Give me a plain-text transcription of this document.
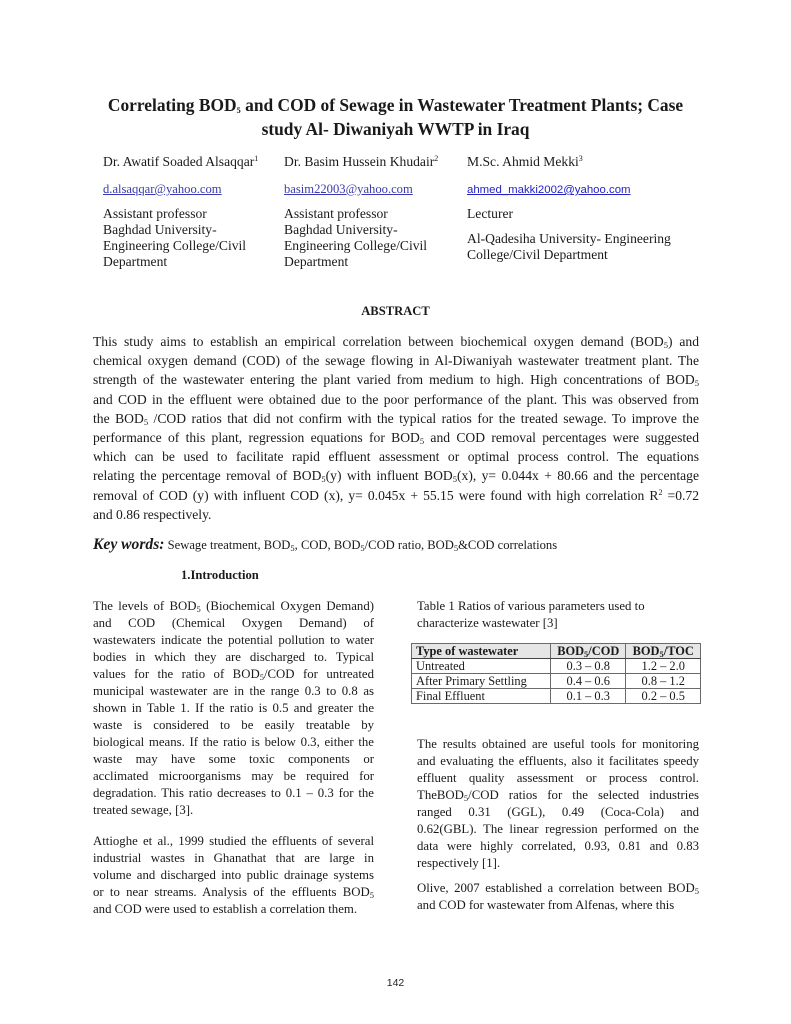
Correlating $BOD_5$ and COD of Sewage in Wastewater Treatment Plants; Case
study Al- Diwaniyah WWTP in Iraq
Dr. Awatif Soaded Alsaqqar$^1$ Dr. Basim Hussein Khudair$^2$ M.Sc. Ahmid Mekki$^3$
d.alsaqqar@yahoo.com	basim22003@yahoo.com	ahmed_makki2002@yahoo.com
Assistant professor
Baghdad University-
Engineering College/Civil
Department
Assistant professor
Baghdad University-
Engineering College/Civil
Department
Lecturer
Al-Qadesiha University- Engineering
College/Civil Department
ABSTRACT
This study aims to establish an empirical correlation between biochemical oxygen demand $(BOD_5)$ and
chemical oxygen demand (COD) of the sewage flowing in Al-Diwaniyah wastewater treatment plant. The
strength of the wastewater entering the plant varied from medium to high. High concentrations of $BOD_5$
and COD in the effluent were obtained due to the poor performance of the plant. This was observed from
the $BOD_5$ /COD ratios that did not confirm with the typical ratios for the treated sewage. To improve the
performance of this plant, regression equations for $BOD_5$ and COD removal percentages were suggested
which can be used to facilitate rapid effluent assessment or optimal process control. The equations
relating the percentage removal of $BOD_5(y)$ with influent $BOD_5(x)$, y= 0.044x + 80.66 and the percentage
removal of COD (y) with influent COD (x), y= 0.045x + 55.15 were found with high correlation $R^2 =0.72$
and 0.86 respectively.
Key words: Sewage treatment, $BOD_5$, COD, $BOD_5$/COD ratio, $BOD_5\&COD$ correlations
1.Introduction
The levels of $BOD_5$ (Biochemical Oxygen Demand)
and COD (Chemical Oxygen Demand) of
wastewaters indicate the potential pollution to water
bodies in which they are discharged to. Typical
values for the ratio of $BOD_5$/COD for untreated
municipal wastewater are in the range 0.3 to 0.8 as
shown in Table 1. If the ratio is 0.5 and greater the
waste is considered to be easily treatable by
biological means. If the ratio is below 0.3, either the
waste may have some toxic components or
acclimated microorganisms may be required for
degradation. This ratio decreases to 0.1 – 0.3 for the
treated sewage, [3].
Attioghe et al., 1999 studied the effluents of several
industrial wastes in Ghanathat that are large in
volume and discharged into public drainage systems
or to near streams. Analysis of the effluents $BOD_5$
and COD were used to establish a correlation them.
Table 1 Ratios of various parameters used to
characterize wastewater [3]
Type of wastewater	$BOD_5$/COD	$BOD_5$/TOC
Untreated	0.3 – 0.8	1.2 – 2.0
After Primary Settling	0.4 – 0.6	0.8 – 1.2
Final Effluent	0.1 – 0.3	0.2 – 0.5
The results obtained are useful tools for monitoring
and evaluating the effluents, also it facilitates speedy
effluent quality assessment or process control.
TheBOD$_5$/COD ratios for the selected industries
ranged 0.31 (GGL), 0.49 (Coca-Cola) and
0.62(GBL). The linear regression performed on the
data were highly correlated, 0.93, 0.81 and 0.83
respectively [1].
Olive, 2007 established a correlation between $BOD_5$
and COD for wastewater from Alfenas, where this
142
